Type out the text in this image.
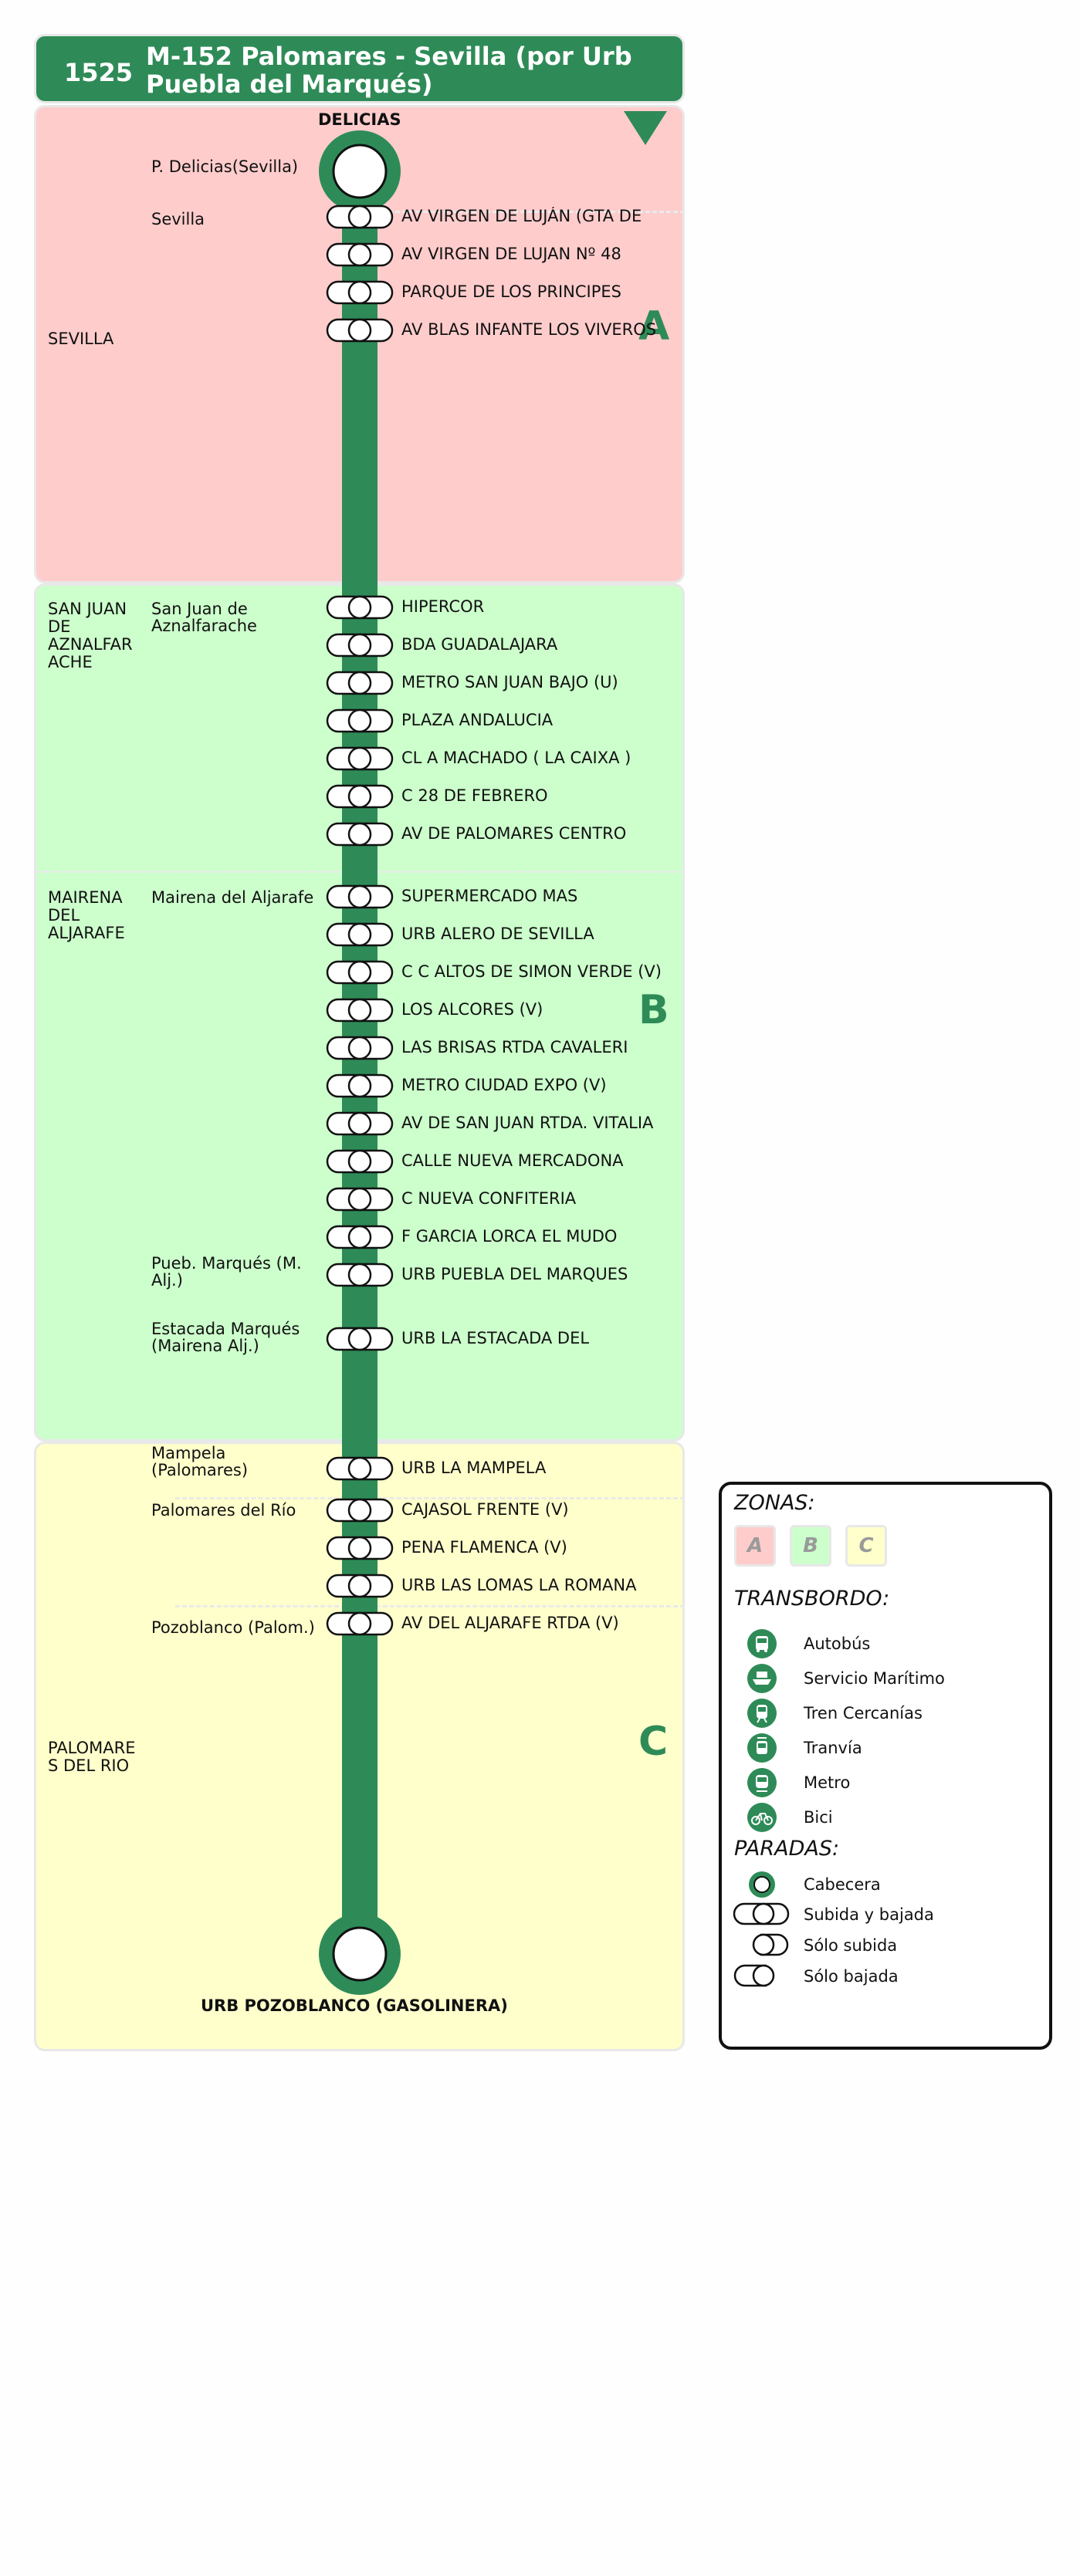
1525
M-152 Palomares - Sevilla (por Urb Puebla del Marqués)
A
B
C
SEVILLA
SAN JUAN DE AZNALFAR ACHE
MAIRENA DEL ALJARAFE
PALOMARE S DEL RIO
P. Delicias(Sevilla)
Sevilla
San Juan de Aznalfarache
Mairena del Aljarafe
Pueb. Marqués (M. Alj.)
Estacada Marqués (Mairena Alj.)
Mampela (Palomares)
Palomares del Río
Pozoblanco (Palom.)
DELICIAS
URB POZOBLANCO (GASOLINERA)
AV VIRGEN DE LUJÁN (GTA DE
AV VIRGEN DE LUJAN Nº 48
PARQUE DE LOS PRINCIPES
AV BLAS INFANTE LOS VIVEROS
HIPERCOR
BDA GUADALAJARA
METRO SAN JUAN BAJO (U)
PLAZA ANDALUCIA
CL A MACHADO ( LA CAIXA )
C 28 DE FEBRERO
AV DE PALOMARES CENTRO
SUPERMERCADO MAS
URB ALERO DE SEVILLA
C C ALTOS DE SIMON VERDE (V)
LOS ALCORES (V)
LAS BRISAS RTDA CAVALERI
METRO CIUDAD EXPO (V)
AV DE SAN JUAN RTDA. VITALIA
CALLE NUEVA MERCADONA
C NUEVA CONFITERIA
F GARCIA LORCA EL MUDO
URB PUEBLA DEL MARQUES
URB LA ESTACADA DEL
URB LA MAMPELA
CAJASOL FRENTE (V)
PENA FLAMENCA (V)
URB LAS LOMAS LA ROMANA
AV DEL ALJARAFE RTDA (V)
ZONAS:
A	B	C
TRANSBORDO:
Autobús
Servicio Marítimo
Tren Cercanías
Tranvía
Metro
Bici
PARADAS:
Cabecera
Subida y bajada
Sólo subida
Sólo bajada
